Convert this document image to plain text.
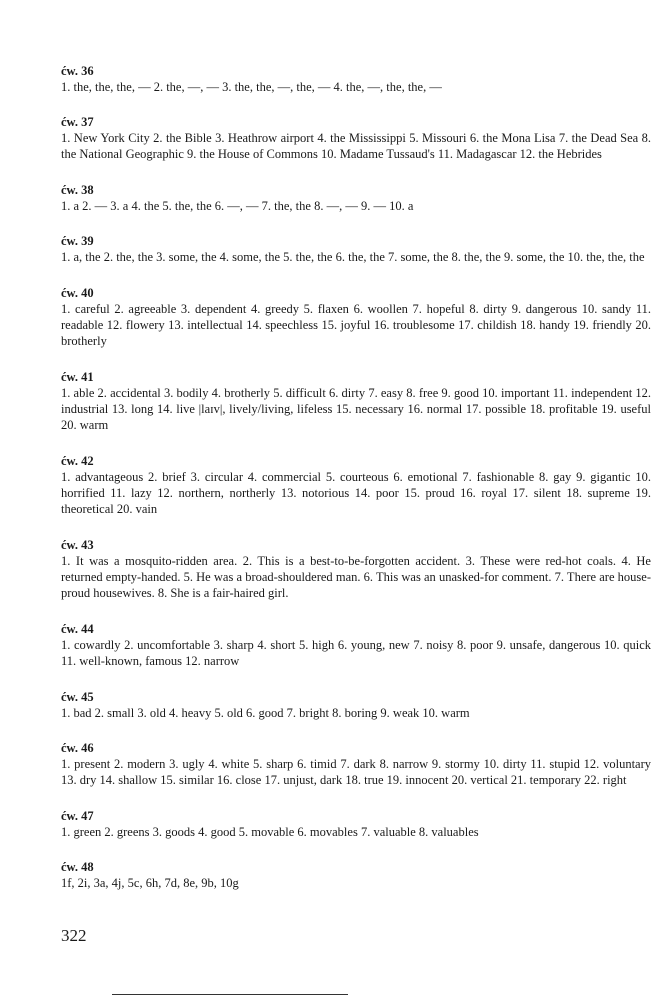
ćw. 36
1. the, the, the, — 2. the, —, — 3. the, the, —, the, — 4. the, —, the, the, —
ćw. 37
1. New York City 2. the Bible 3. Heathrow airport 4. the Mississippi 5. Missouri 6. the Mona Lisa 7. the Dead Sea 8. the National Geographic 9. the House of Commons 10. Madame Tussaud's 11. Madagascar 12. the Hebrides
ćw. 38
1. a 2. — 3. a 4. the 5. the, the 6. —, — 7. the, the 8. —, — 9. — 10. a
ćw. 39
1. a, the 2. the, the 3. some, the 4. some, the 5. the, the 6. the, the 7. some, the 8. the, the 9. some, the 10. the, the, the
ćw. 40
1. careful 2. agreeable 3. dependent 4. greedy 5. flaxen 6. woollen 7. hopeful 8. dirty 9. dangerous 10. sandy 11. readable 12. flowery 13. intellectual 14. speechless 15. joyful 16. troublesome 17. childish 18. handy 19. friendly 20. brotherly
ćw. 41
1. able 2. accidental 3. bodily 4. brotherly 5. difficult 6. dirty 7. easy 8. free 9. good 10. important 11. independent 12. industrial 13. long 14. live |laɪv|, lively/living, lifeless 15. necessary 16. normal 17. possible 18. profitable 19. useful 20. warm
ćw. 42
1. advantageous 2. brief 3. circular 4. commercial 5. courteous 6. emotional 7. fashionable 8. gay 9. gigantic 10. horrified 11. lazy 12. northern, northerly 13. notorious 14. poor 15. proud 16. royal 17. silent 18. supreme 19. theoretical 20. vain
ćw. 43
1. It was a mosquito-ridden area. 2. This is a best-to-be-forgotten accident. 3. These were red-hot coals. 4. He returned empty-handed. 5. He was a broad-shouldered man. 6. This was an unasked-for comment. 7. There are house-proud housewives. 8. She is a fair-haired girl.
ćw. 44
1. cowardly 2. uncomfortable 3. sharp 4. short 5. high 6. young, new 7. noisy 8. poor 9. unsafe, dangerous 10. quick 11. well-known, famous 12. narrow
ćw. 45
1. bad 2. small 3. old 4. heavy 5. old 6. good 7. bright 8. boring 9. weak 10. warm
ćw. 46
1. present 2. modern 3. ugly 4. white 5. sharp 6. timid 7. dark 8. narrow 9. stormy 10. dirty 11. stupid 12. voluntary 13. dry 14. shallow 15. similar 16. close 17. unjust, dark 18. true 19. innocent 20. vertical 21. temporary 22. right
ćw. 47
1. green 2. greens 3. goods 4. good 5. movable 6. movables 7. valuable 8. valuables
ćw. 48
1f, 2i, 3a, 4j, 5c, 6h, 7d, 8e, 9b, 10g
322
